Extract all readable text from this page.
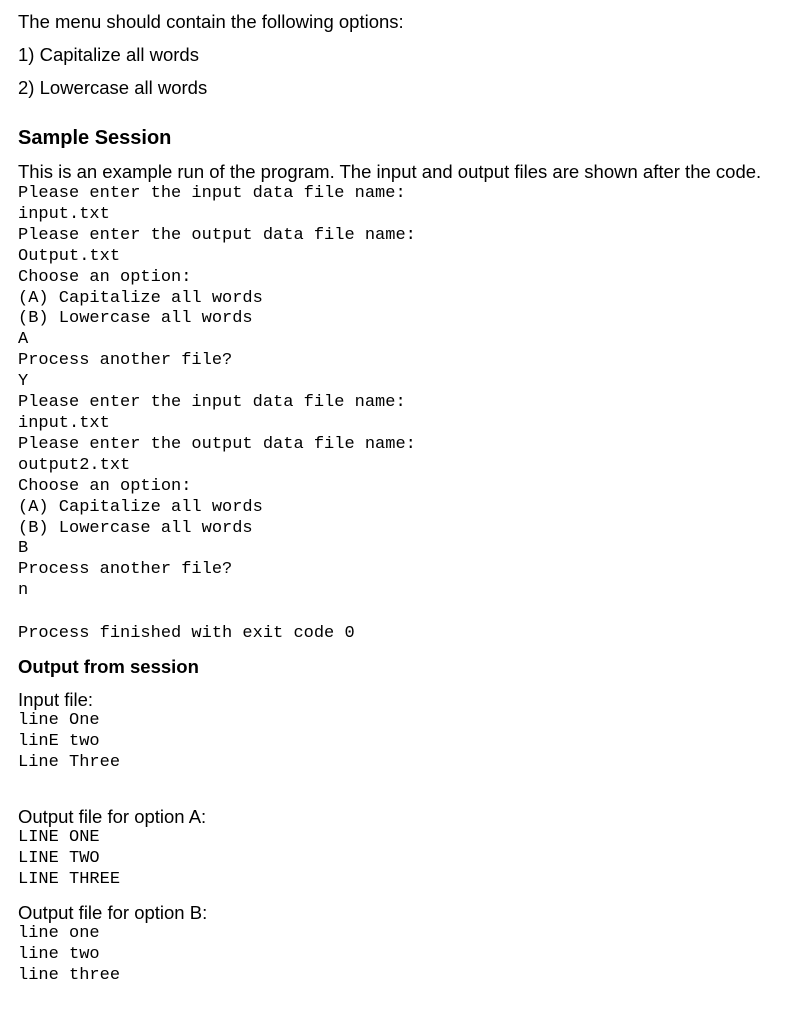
The menu should contain the following options:
1) Capitalize all words
2) Lowercase all words
Sample Session
This is an example run of the program. The input and output files are shown after the code.
Please enter the input data file name:
input.txt
Please enter the output data file name:
Output.txt
Choose an option:
(A) Capitalize all words
(B) Lowercase all words
A
Process another file?
Y
Please enter the input data file name:
input.txt
Please enter the output data file name:
output2.txt
Choose an option:
(A) Capitalize all words
(B) Lowercase all words
B
Process another file?
n
Process finished with exit code 0
Output from session
Input file:
line One
linE two
Line Three
Output file for option A:
LINE ONE
LINE TWO
LINE THREE
Output file for option B:
line one
line two
line three
